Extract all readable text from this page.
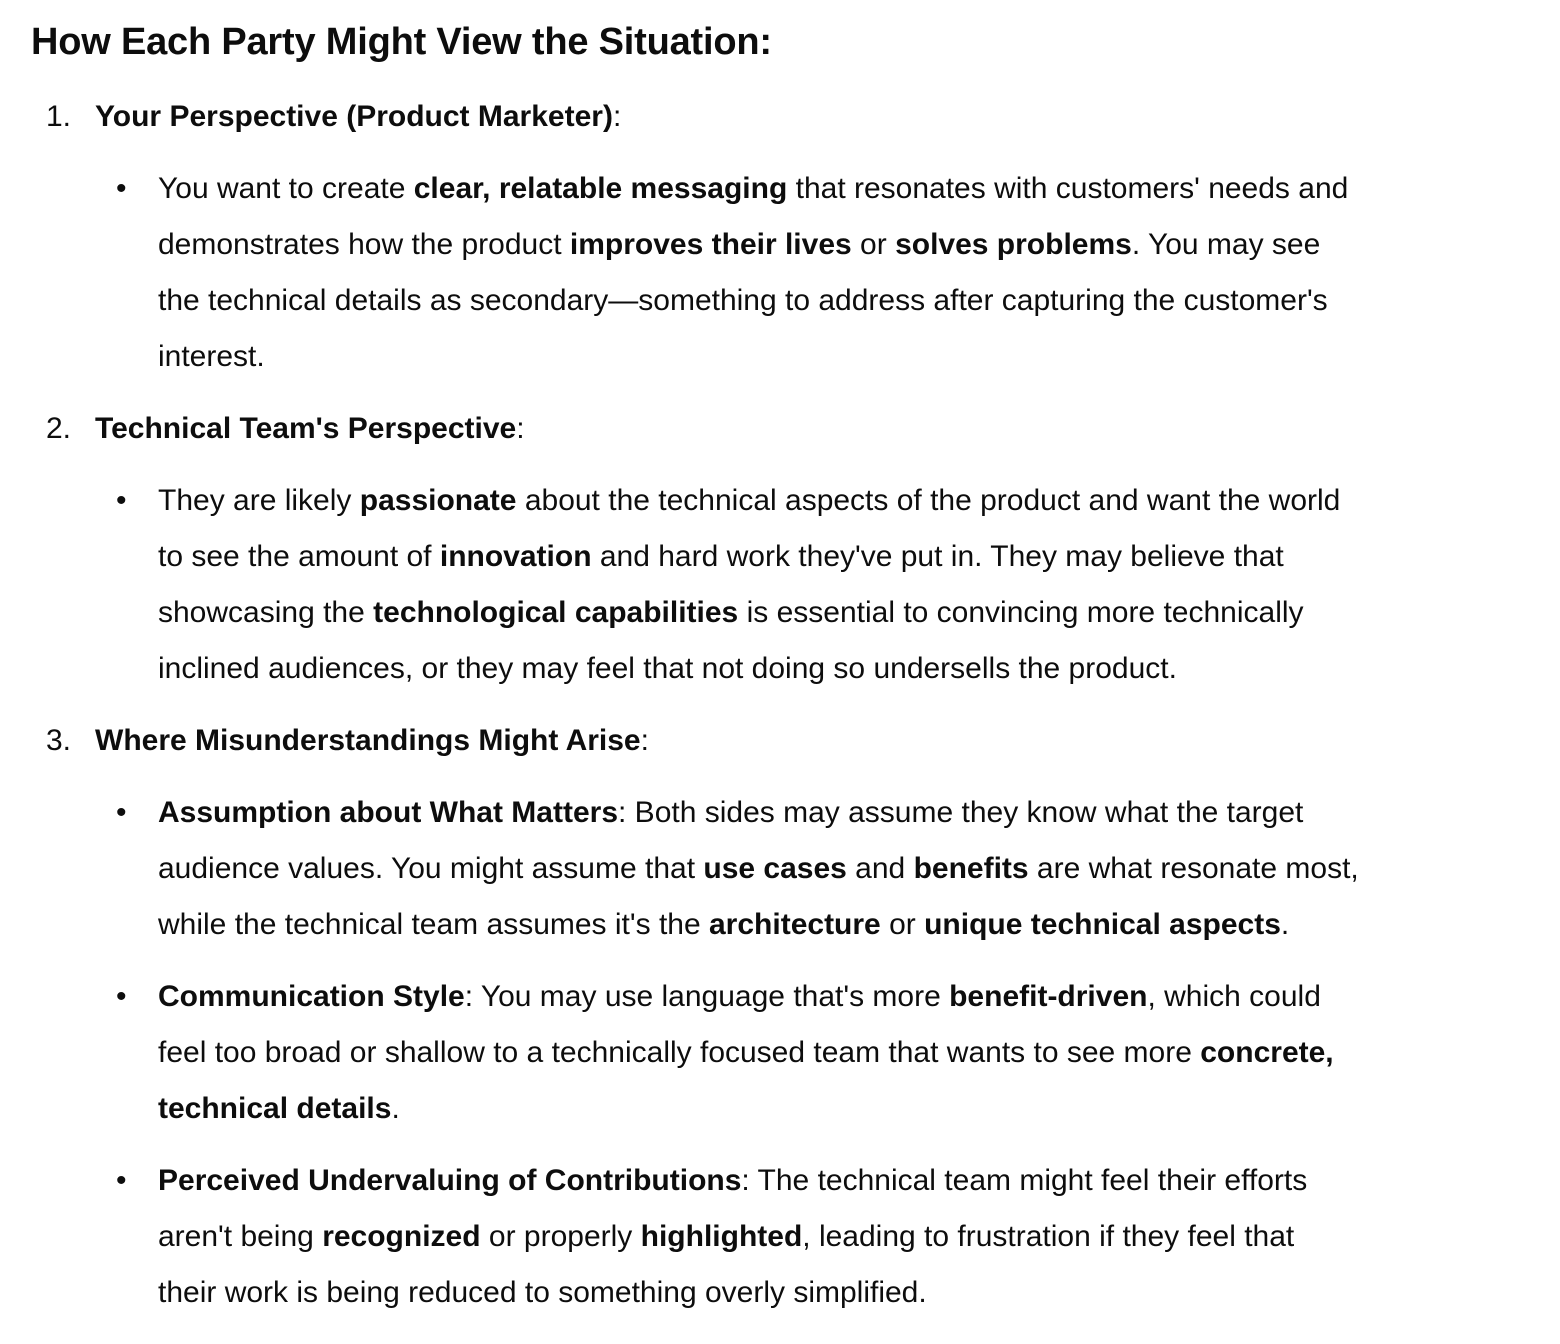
How Each Party Might View the Situation:
1. Your Perspective (Product Marketer):
• You want to create clear, relatable messaging that resonates with customers' needs and
demonstrates how the product improves their lives or solves problems. You may see
the technical details as secondary—something to address after capturing the customer's
interest.
2. Technical Team's Perspective:
• They are likely passionate about the technical aspects of the product and want the world
to see the amount of innovation and hard work they've put in. They may believe that
showcasing the technological capabilities is essential to convincing more technically
inclined audiences, or they may feel that not doing so undersells the product.
3. Where Misunderstandings Might Arise:
• Assumption about What Matters: Both sides may assume they know what the target
audience values. You might assume that use cases and benefits are what resonate most,
while the technical team assumes it's the architecture or unique technical aspects.
• Communication Style: You may use language that's more benefit-driven, which could
feel too broad or shallow to a technically focused team that wants to see more concrete,
technical details.
• Perceived Undervaluing of Contributions: The technical team might feel their efforts
aren't being recognized or properly highlighted, leading to frustration if they feel that
their work is being reduced to something overly simplified.
